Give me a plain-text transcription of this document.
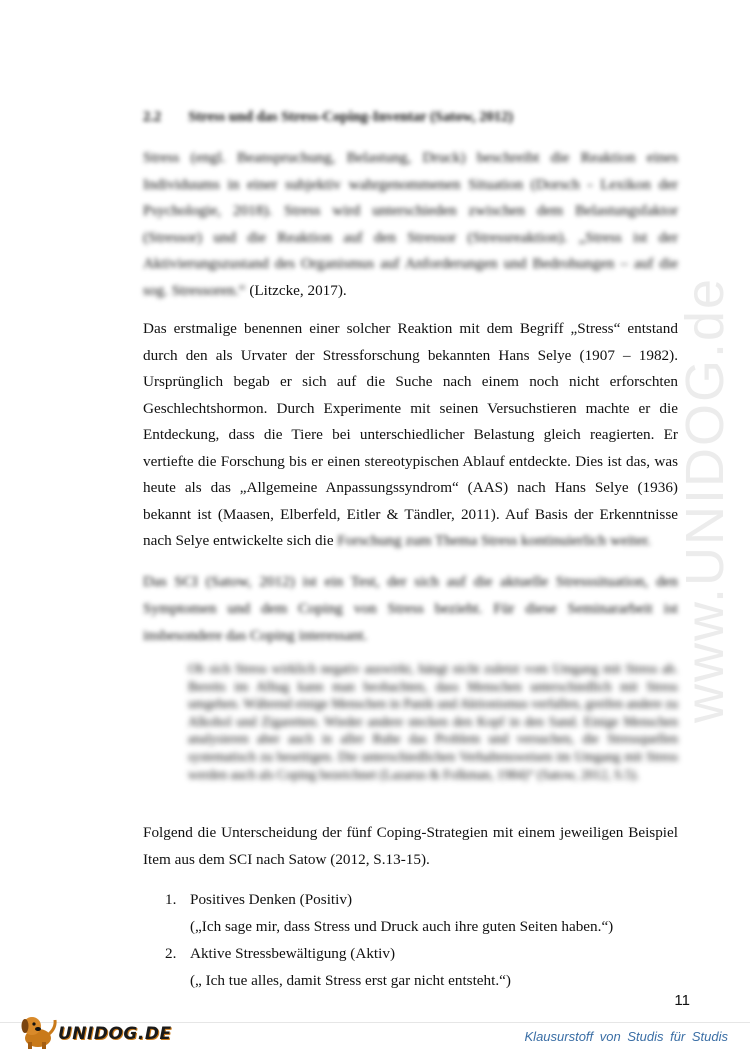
www.UNIDOG.de
2.2 Stress und das Stress-Coping-Inventar (Satow, 2012)

Stress (engl. Beanspruchung, Belastung, Druck) beschreibt die Reaktion eines Individuums in einer subjektiv wahrgenommenen Situation (Dorsch - Lexikon der Psychologie, 2018). Stress wird unterschieden zwischen dem Belastungsfaktor (Stressor) und die Reaktion auf den Stressor (Stressreaktion). „Stress ist der Aktivierungszustand des Organismus auf Anforderungen und Bedrohungen – auf die sog. Stressoren.“ (Litzcke, 2017).

Das erstmalige benennen einer solcher Reaktion mit dem Begriff „Stress“ entstand durch den als Urvater der Stressforschung bekannten Hans Selye (1907 – 1982). Ursprünglich begab er sich auf die Suche nach einem noch nicht erforschten Geschlechtshormon. Durch Experimente mit seinen Versuchstieren machte er die Entdeckung, dass die Tiere bei unterschiedlicher Belastung gleich reagierten. Er vertiefte die Forschung bis er einen stereotypischen Ablauf entdeckte. Dies ist das, was heute als das „Allgemeine Anpassungssyndrom“ (AAS) nach Hans Selye (1936) bekannt ist (Maasen, Elberfeld, Eitler & Tändler, 2011). Auf Basis der Erkenntnisse nach Selye entwickelte sich die Forschung zum Thema Stress kontinuierlich weiter.

Das SCI (Satow, 2012) ist ein Test, der sich auf die aktuelle Stresssituation, den Symptomen und dem Coping von Stress bezieht. Für diese Seminararbeit ist insbesondere das Coping interessant.

Ob sich Stress wirklich negativ auswirkt, hängt nicht zuletzt vom Umgang mit Stress ab. Bereits im Alltag kann man beobachten, dass Menschen unterschiedlich mit Stress umgehen. Während einige Menschen in Panik und Aktionismus verfallen, greifen andere zu Alkohol und Zigaretten. Wieder andere stecken den Kopf in den Sand. Einige Menschen analysieren aber auch in aller Ruhe das Problem und versuchen, die Stressquellen systematisch zu beseitigen. Die unterschiedlichen Verhaltensweisen im Umgang mit Stress werden auch als Coping bezeichnet (Lazarus & Folkman, 1984)“ (Satow, 2012, S.5).

Folgend die Unterscheidung der fünf Coping-Strategien mit einem jeweiligen Beispiel Item aus dem SCI nach Satow (2012, S.13-15).

1. Positives Denken (Positiv)
(„Ich sage mir, dass Stress und Druck auch ihre guten Seiten haben.“)
2. Aktive Stressbewältigung (Aktiv)
(„ Ich tue alles, damit Stress erst gar nicht entsteht.“)
11
UNIDOG.DE	Klausurstoff von Studis für Studis
